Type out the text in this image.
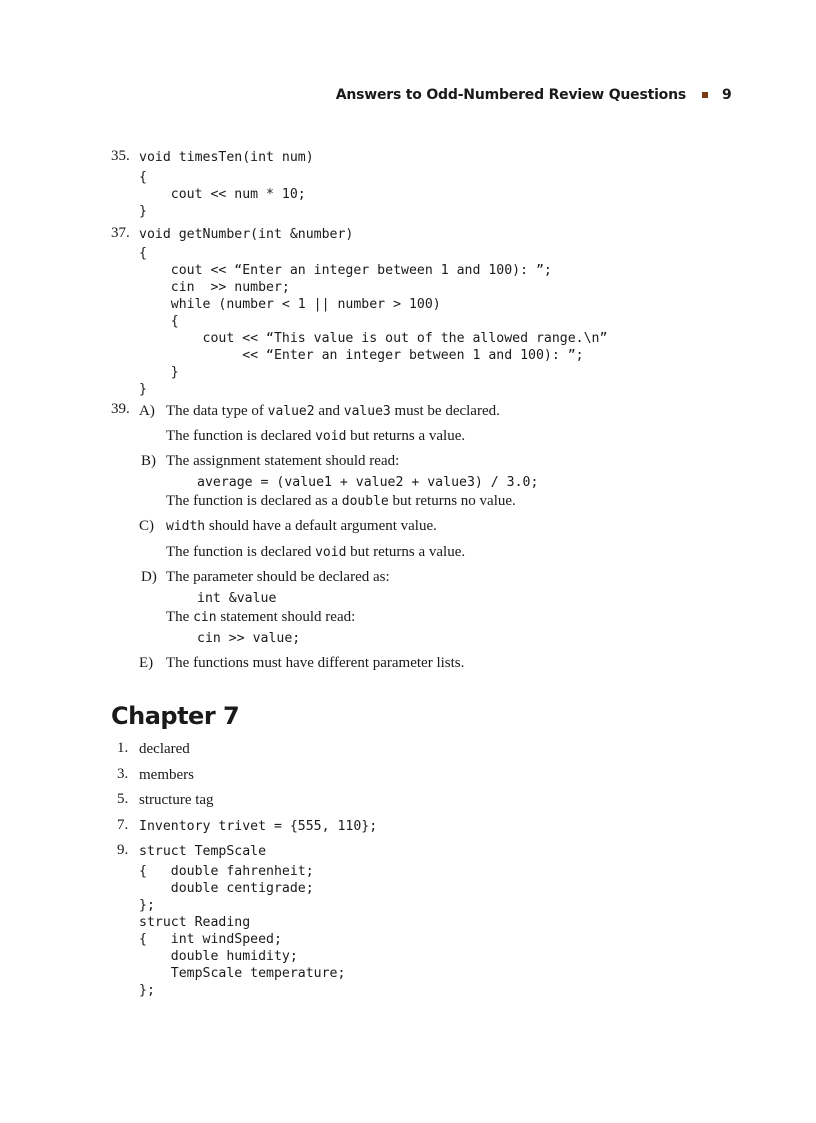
Answers to Odd-Numbered Review Questions	9
35. void timesTen(int num)
{
cout << num * 10;
}
37. void getNumber(int &number)
{
cout << “Enter an integer between 1 and 100): ”;
cin  >> number;
while (number < 1 || number > 100)
{
cout << “This value is out of the allowed range.\n”
<< “Enter an integer between 1 and 100): ”;
}
}
39. A) The data type of value2 and value3 must be declared.
The function is declared void but returns a value.
B) The assignment statement should read:
average = (value1 + value2 + value3) / 3.0;
The function is declared as a double but returns no value.
C) width should have a default argument value.
The function is declared void but returns a value.
D) The parameter should be declared as:
int &value
The cin statement should read:
cin >> value;
E) The functions must have different parameter lists.
Chapter 7
1. declared
3. members
5. structure tag
7. Inventory trivet = {555, 110};
9. struct TempScale
{   double fahrenheit;
double centigrade;
};
struct Reading
{   int windSpeed;
double humidity;
TempScale temperature;
};
